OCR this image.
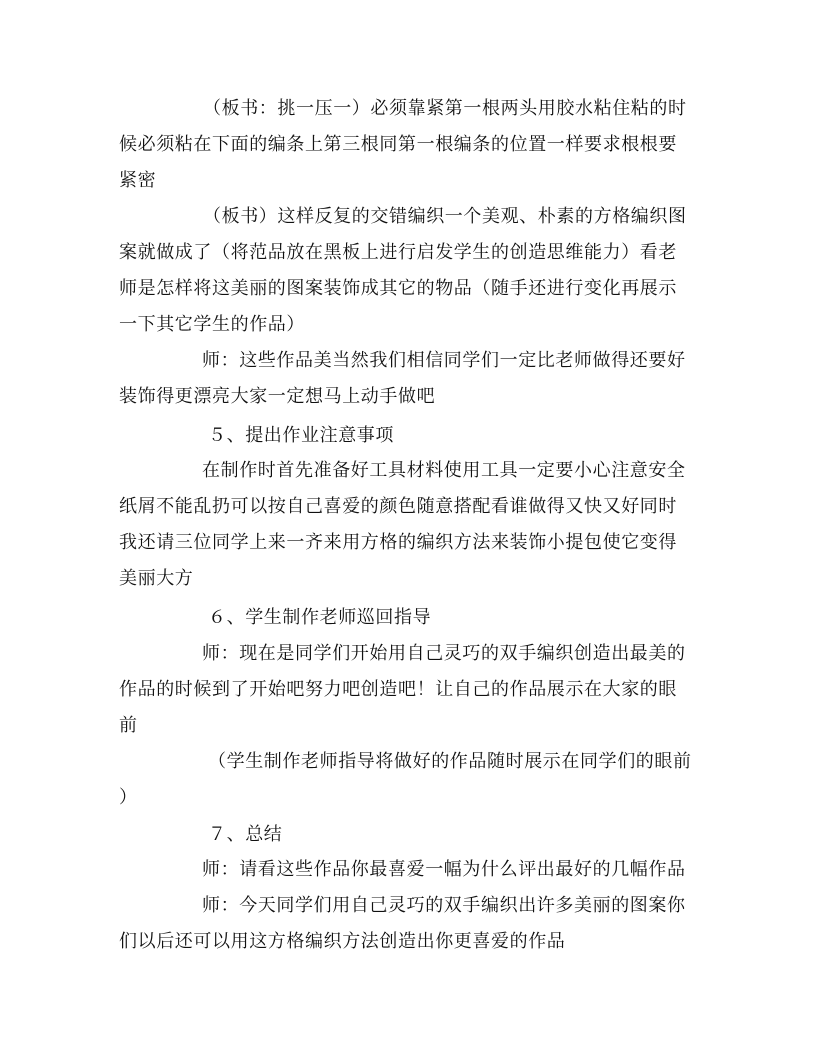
（板书：挑一压一）必须靠紧第一根两头用胶水粘住粘的时
候必须粘在下面的编条上第三根同第一根编条的位置一样要求根根要
紧密
（板书）这样反复的交错编织一个美观、朴素的方格编织图
案就做成了（将范品放在黑板上进行启发学生的创造思维能力）看老
师是怎样将这美丽的图案装饰成其它的物品（随手还进行变化再展示
一下其它学生的作品）
师：这些作品美当然我们相信同学们一定比老师做得还要好
装饰得更漂亮大家一定想马上动手做吧
５、提出作业注意事项
在制作时首先准备好工具材料使用工具一定要小心注意安全
纸屑不能乱扔可以按自己喜爱的颜色随意搭配看谁做得又快又好同时
我还请三位同学上来一齐来用方格的编织方法来装饰小提包使它变得
美丽大方
６、学生制作老师巡回指导
师：现在是同学们开始用自己灵巧的双手编织创造出最美的
作品的时候到了开始吧努力吧创造吧！让自己的作品展示在大家的眼
前
（学生制作老师指导将做好的作品随时展示在同学们的眼前
）
７、总结
师：请看这些作品你最喜爱一幅为什么评出最好的几幅作品
师：今天同学们用自己灵巧的双手编织出许多美丽的图案你
们以后还可以用这方格编织方法创造出你更喜爱的作品
